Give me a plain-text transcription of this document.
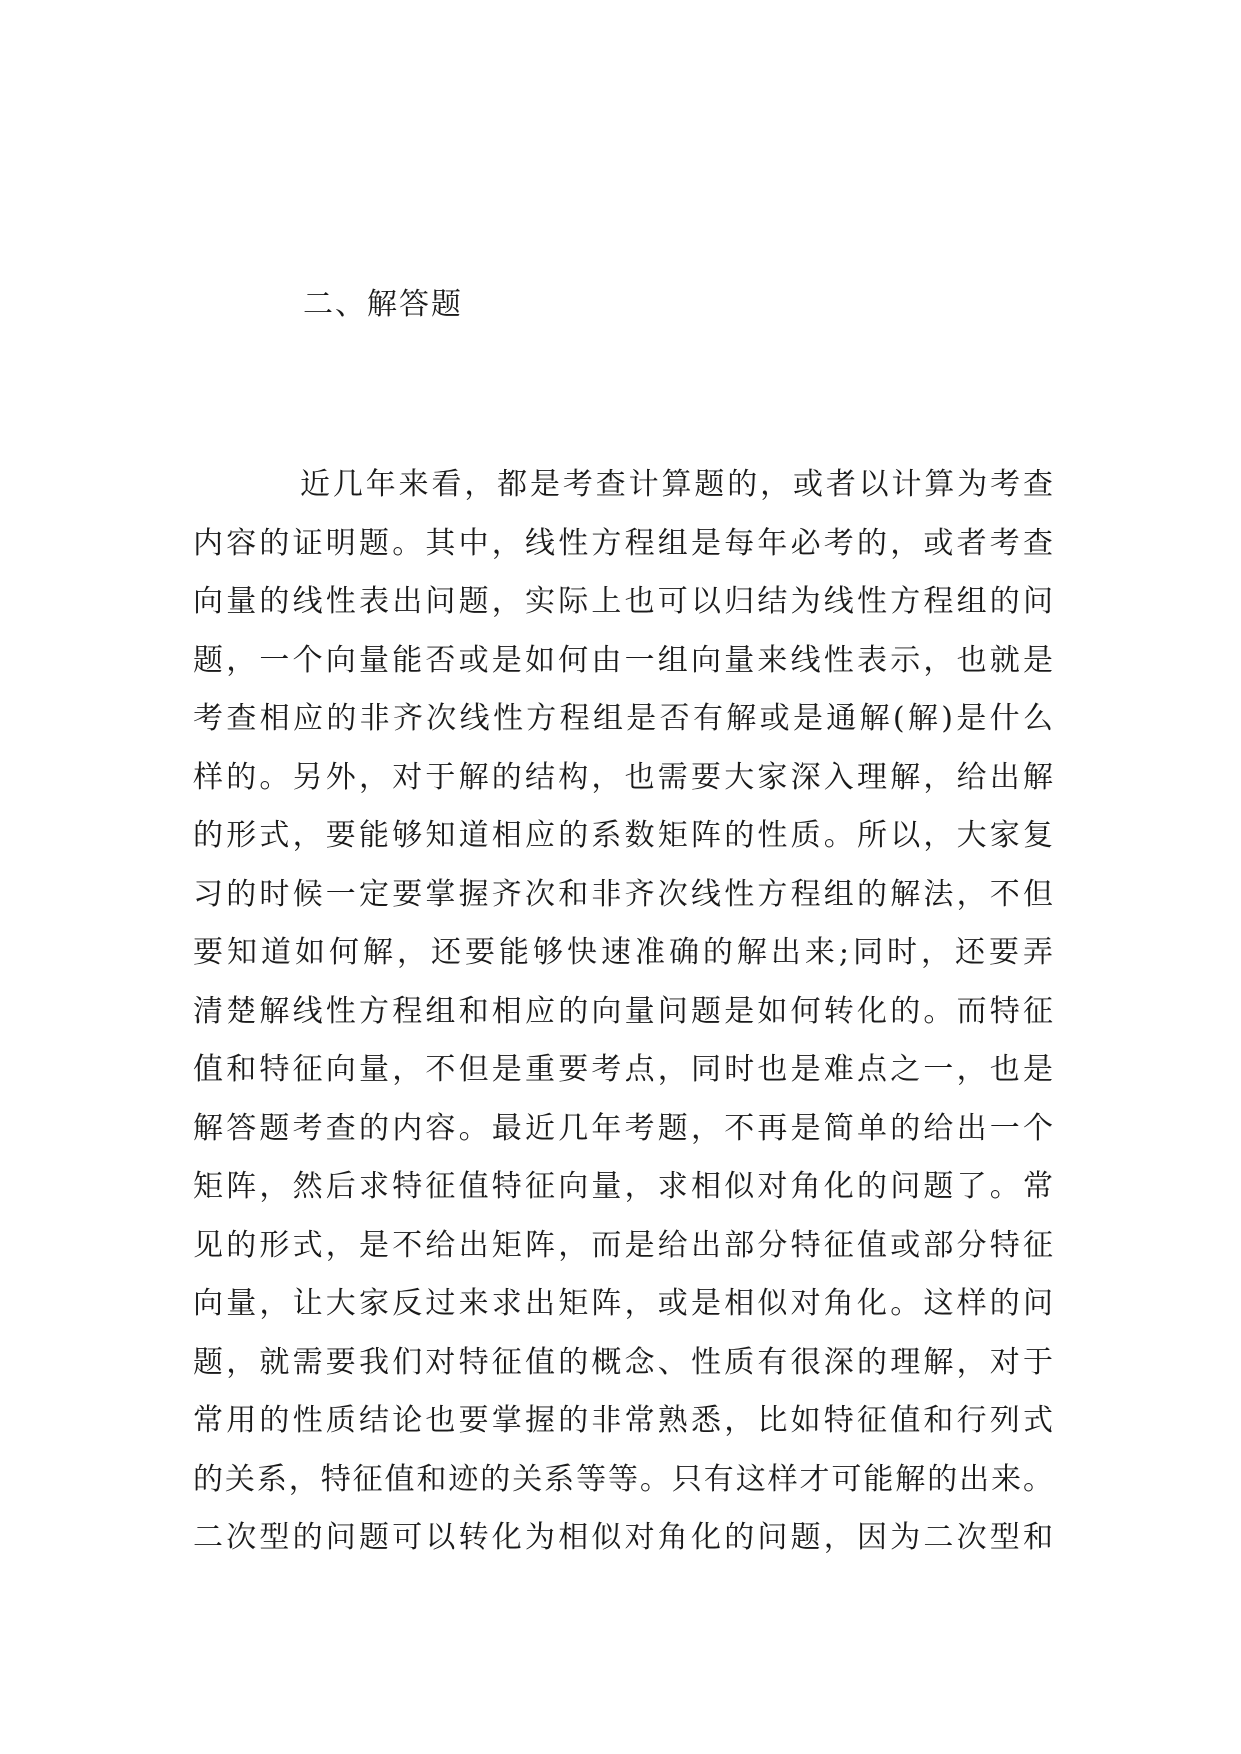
二、解答题
近几年来看，都是考查计算题的，或者以计算为考查
内容的证明题。其中，线性方程组是每年必考的，或者考查
向量的线性表出问题，实际上也可以归结为线性方程组的问
题，一个向量能否或是如何由一组向量来线性表示，也就是
考查相应的非齐次线性方程组是否有解或是通解(解)是什么
样的。另外，对于解的结构，也需要大家深入理解，给出解
的形式，要能够知道相应的系数矩阵的性质。所以，大家复
习的时候一定要掌握齐次和非齐次线性方程组的解法，不但
要知道如何解，还要能够快速准确的解出来;同时，还要弄
清楚解线性方程组和相应的向量问题是如何转化的。而特征
值和特征向量，不但是重要考点，同时也是难点之一，也是
解答题考查的内容。最近几年考题，不再是简单的给出一个
矩阵，然后求特征值特征向量，求相似对角化的问题了。常
见的形式，是不给出矩阵，而是给出部分特征值或部分特征
向量，让大家反过来求出矩阵，或是相似对角化。这样的问
题，就需要我们对特征值的概念、性质有很深的理解，对于
常用的性质结论也要掌握的非常熟悉，比如特征值和行列式
的关系，特征值和迹的关系等等。只有这样才可能解的出来。
二次型的问题可以转化为相似对角化的问题，因为二次型和
